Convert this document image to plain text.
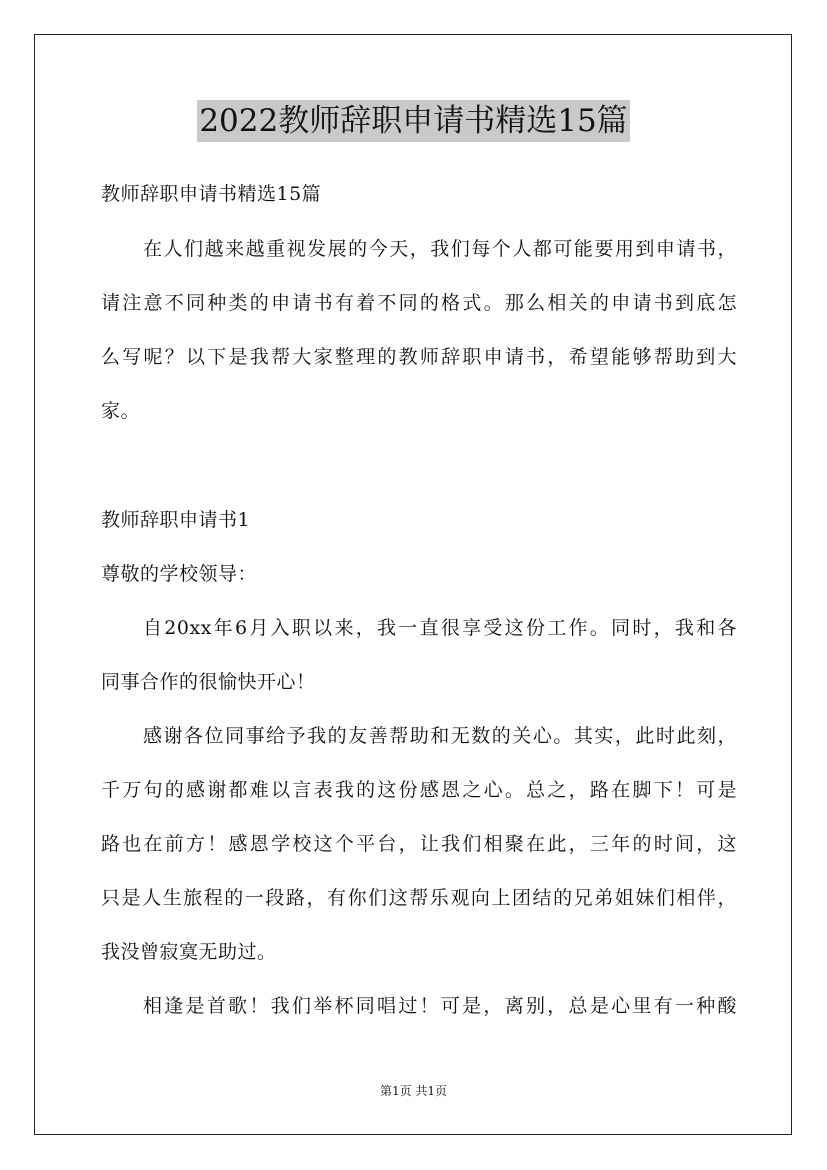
2022教师辞职申请书精选15篇
教师辞职申请书精选15篇
在人们越来越重视发展的今天，我们每个人都可能要用到申请书，
请注意不同种类的申请书有着不同的格式。那么相关的申请书到底怎
么写呢？以下是我帮大家整理的教师辞职申请书，希望能够帮助到大
家。
教师辞职申请书1
尊敬的学校领导：
自20xx年6月入职以来，我一直很享受这份工作。同时，我和各
同事合作的很愉快开心！
感谢各位同事给予我的友善帮助和无数的关心。其实，此时此刻，
千万句的感谢都难以言表我的这份感恩之心。总之，路在脚下！可是
路也在前方！感恩学校这个平台，让我们相聚在此，三年的时间，这
只是人生旅程的一段路，有你们这帮乐观向上团结的兄弟姐妹们相伴，
我没曾寂寞无助过。
相逢是首歌！我们举杯同唱过！可是，离别，总是心里有一种酸
第1页 共1页
